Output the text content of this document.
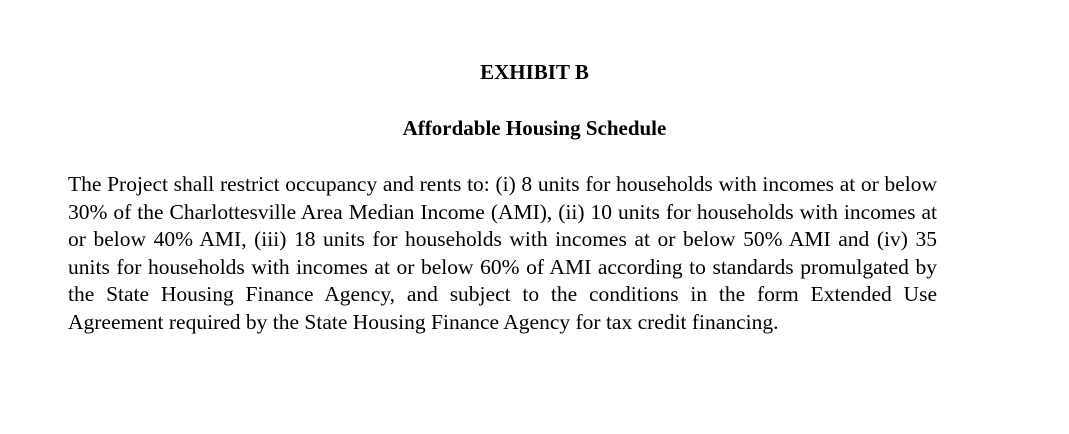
EXHIBIT B
Affordable Housing Schedule

The Project shall restrict occupancy and rents to: (i) 8 units for households with incomes at or below 30% of the Charlottesville Area Median Income (AMI), (ii) 10 units for households with incomes at or below 40% AMI, (iii) 18 units for households with incomes at or below 50% AMI and (iv) 35 units for households with incomes at or below 60% of AMI according to standards promulgated by the State Housing Finance Agency, and subject to the conditions in the form Extended Use Agreement required by the State Housing Finance Agency for tax credit financing.
